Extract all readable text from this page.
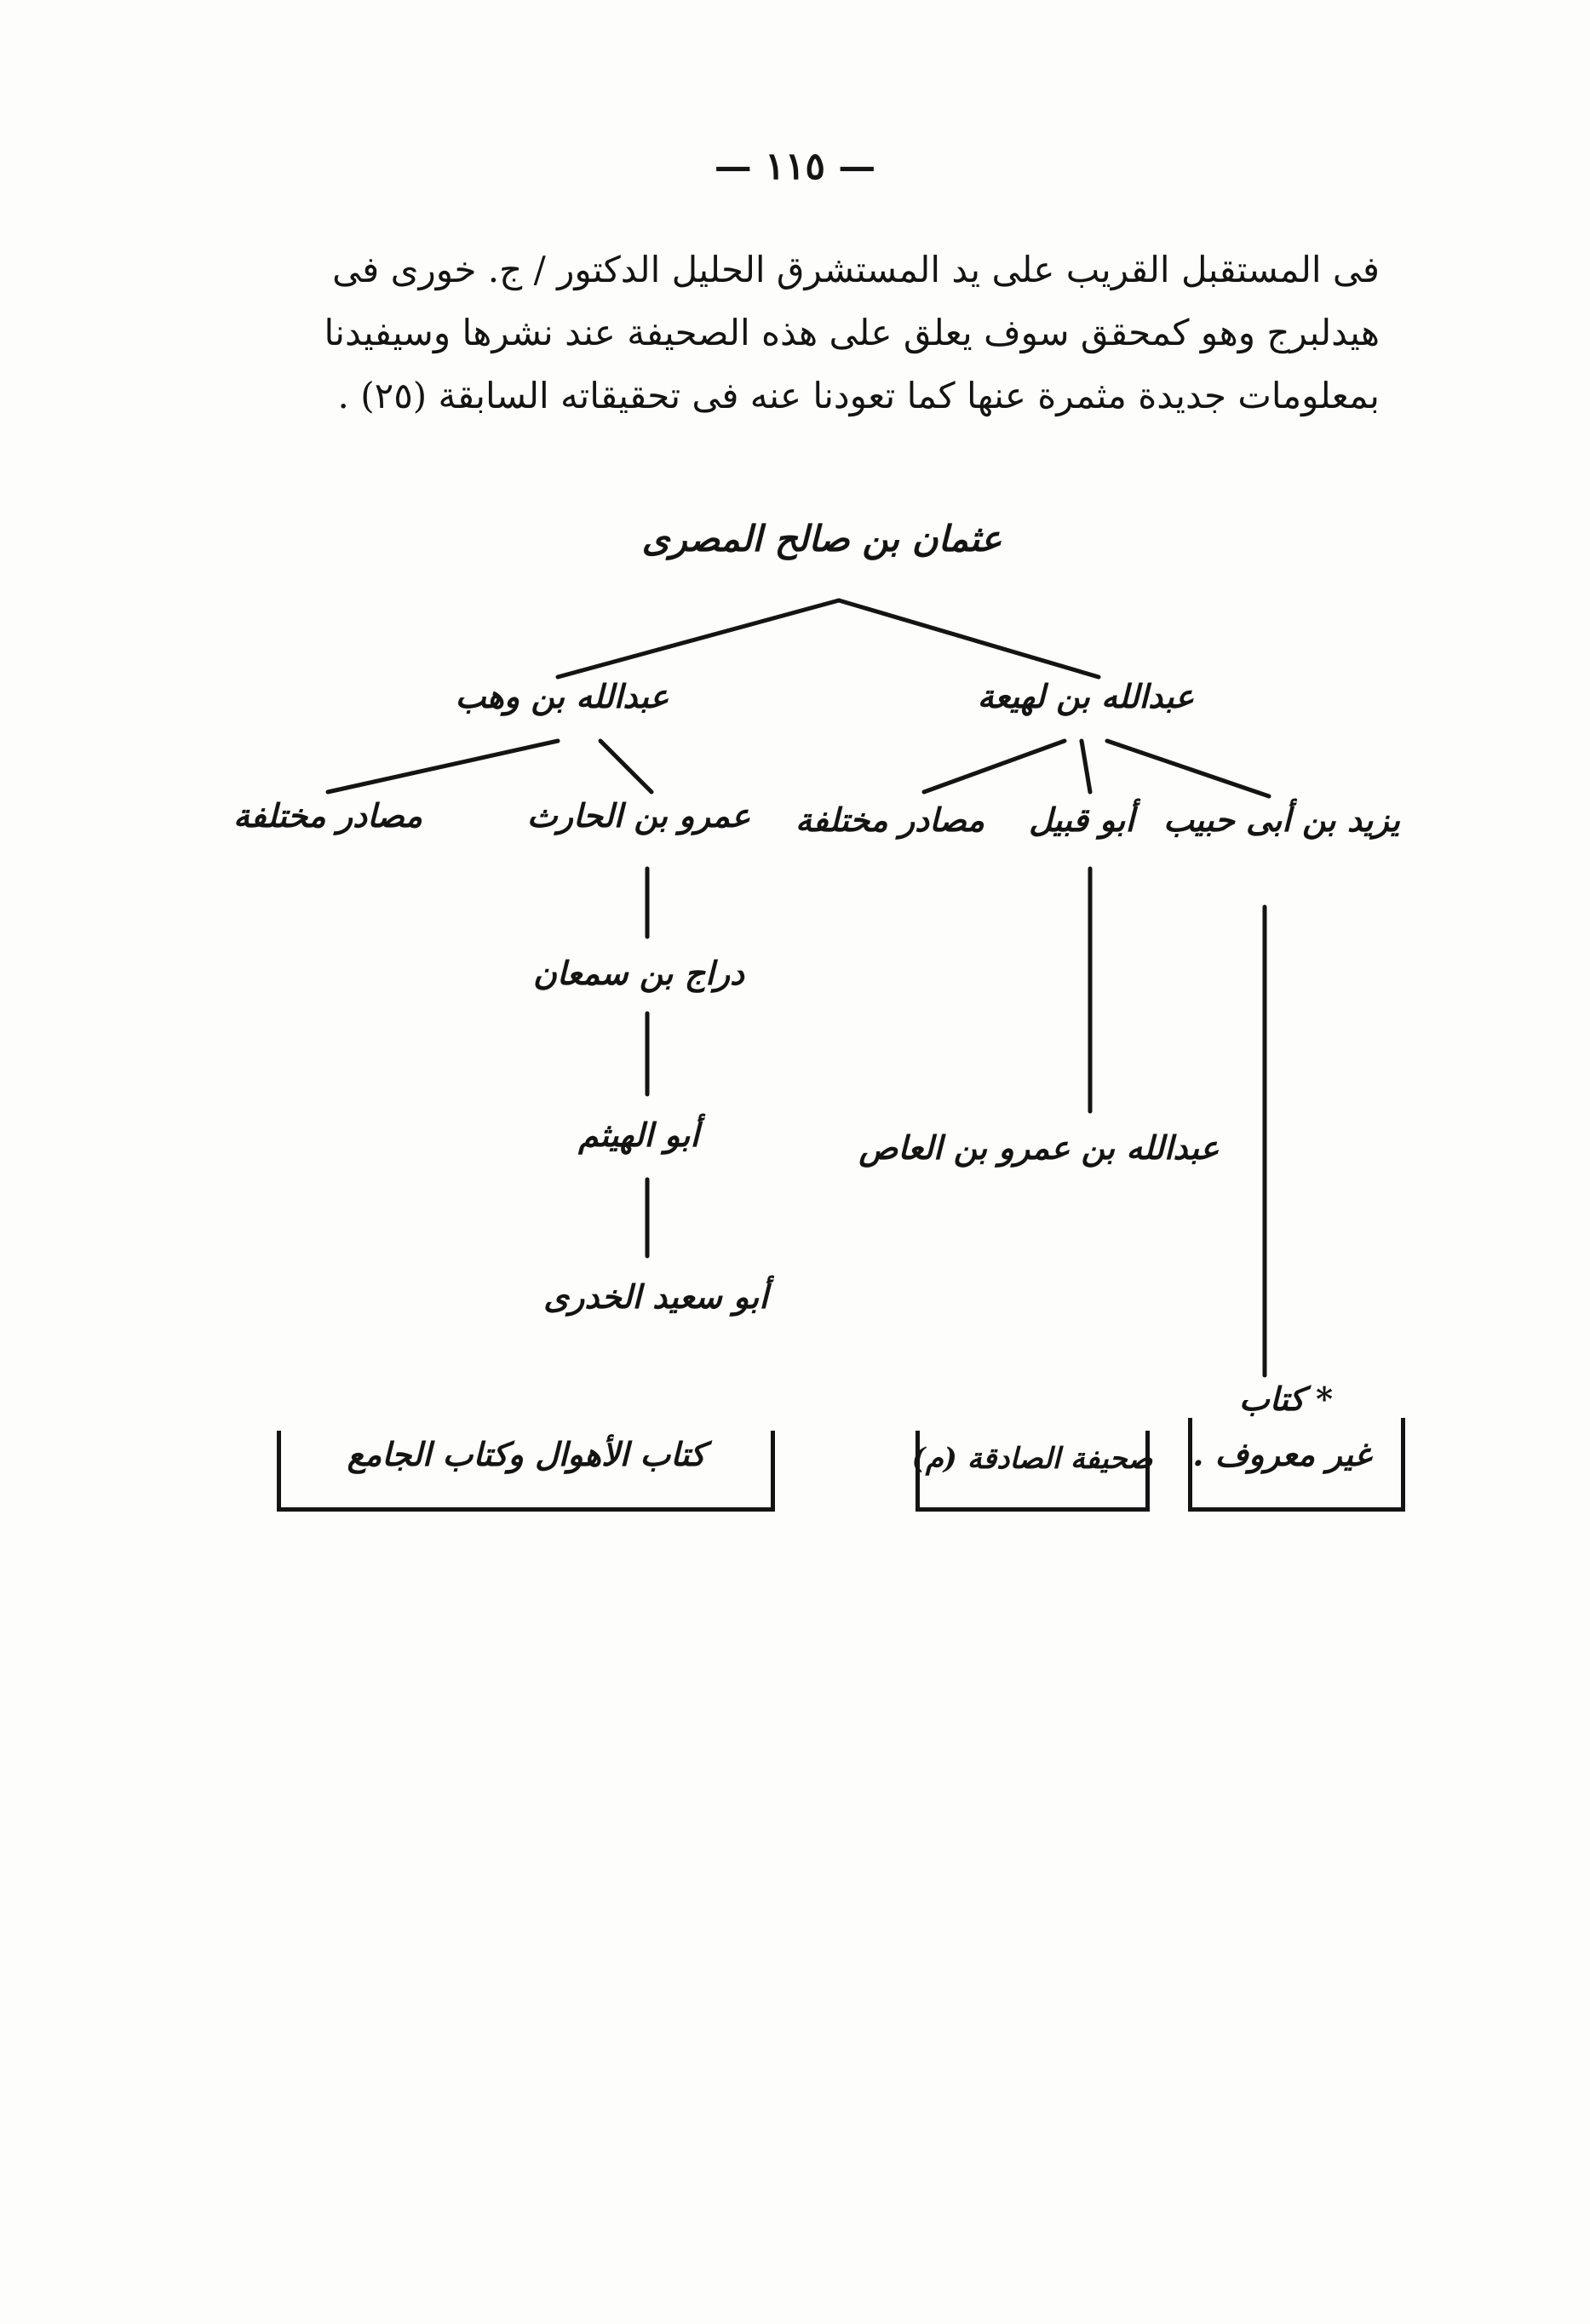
— ١١٥ —
فى المستقبل القريب على يد المستشرق الحليل الدكتور / ج. خورى فى
هيدلبرج وهو كمحقق سوف يعلق على هذه الصحيفة عند نشرها وسيفيدنا
بمعلومات جديدة مثمرة عنها كما تعودنا عنه فى تحقيقاته السابقة (٢٥) .
عثمان بن صالح المصرى
عبدالله بن وهب	عبدالله بن لهيعة
عمرو بن الحارث
مصادر مختلفة	يزيد بن أبى حبيب
أبو قبيل
مصادر مختلفة
دراج بن سمعان
أبو الهيثم
أبو سعيد الخدرى
عبدالله بن عمرو بن العاص
كتاب الأهوال وكتاب الجامع	صحيفة الصادقة (م)
* كتاب
غير معروف .
